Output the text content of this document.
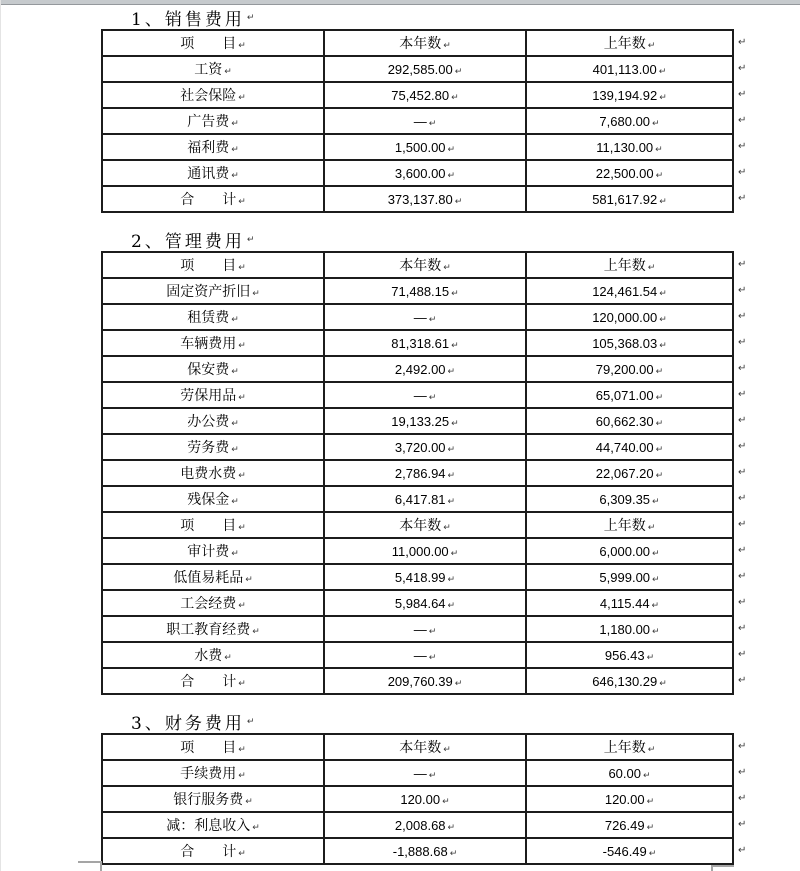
1、销售费用 ↵
项　　目 ↵	本年数 ↵	上年数 ↵
工资 ↵	292,585.00 ↵	401,113.00 ↵
社会保险 ↵	75,452.80 ↵	139,194.92 ↵
广告费 ↵	— ↵	7,680.00 ↵
福利费 ↵	1,500.00 ↵	11,130.00 ↵
通讯费 ↵	3,600.00 ↵	22,500.00 ↵
合　　计 ↵	373,137.80 ↵	581,617.92 ↵
↵
↵
↵
↵
↵
↵
↵
2、管理费用 ↵
项　　目 ↵	本年数 ↵	上年数 ↵
固定资产折旧 ↵	71,488.15 ↵	124,461.54 ↵
租赁费 ↵	— ↵	120,000.00 ↵
车辆费用 ↵	81,318.61 ↵	105,368.03 ↵
保安费 ↵	2,492.00 ↵	79,200.00 ↵
劳保用品 ↵	— ↵	65,071.00 ↵
办公费 ↵	19,133.25 ↵	60,662.30 ↵
劳务费 ↵	3,720.00 ↵	44,740.00 ↵
电费水费 ↵	2,786.94 ↵	22,067.20 ↵
残保金 ↵	6,417.81 ↵	6,309.35 ↵
项　　目 ↵	本年数 ↵	上年数 ↵
审计费 ↵	11,000.00 ↵	6,000.00 ↵
低值易耗品 ↵	5,418.99 ↵	5,999.00 ↵
工会经费 ↵	5,984.64 ↵	4,115.44 ↵
职工教育经费 ↵	— ↵	1,180.00 ↵
水费 ↵	— ↵	956.43 ↵
合　　计 ↵	209,760.39 ↵	646,130.29 ↵
↵
↵
↵
↵
↵
↵
↵
↵
↵
↵
↵
↵
↵
↵
↵
↵
↵
3、财务费用 ↵
项　　目 ↵	本年数 ↵	上年数 ↵
手续费用 ↵	— ↵	60.00 ↵
银行服务费 ↵	120.00 ↵	120.00 ↵
减：利息收入 ↵	2,008.68 ↵	726.49 ↵
合　　计 ↵	-1,888.68 ↵	-546.49 ↵
↵
↵
↵
↵
↵
